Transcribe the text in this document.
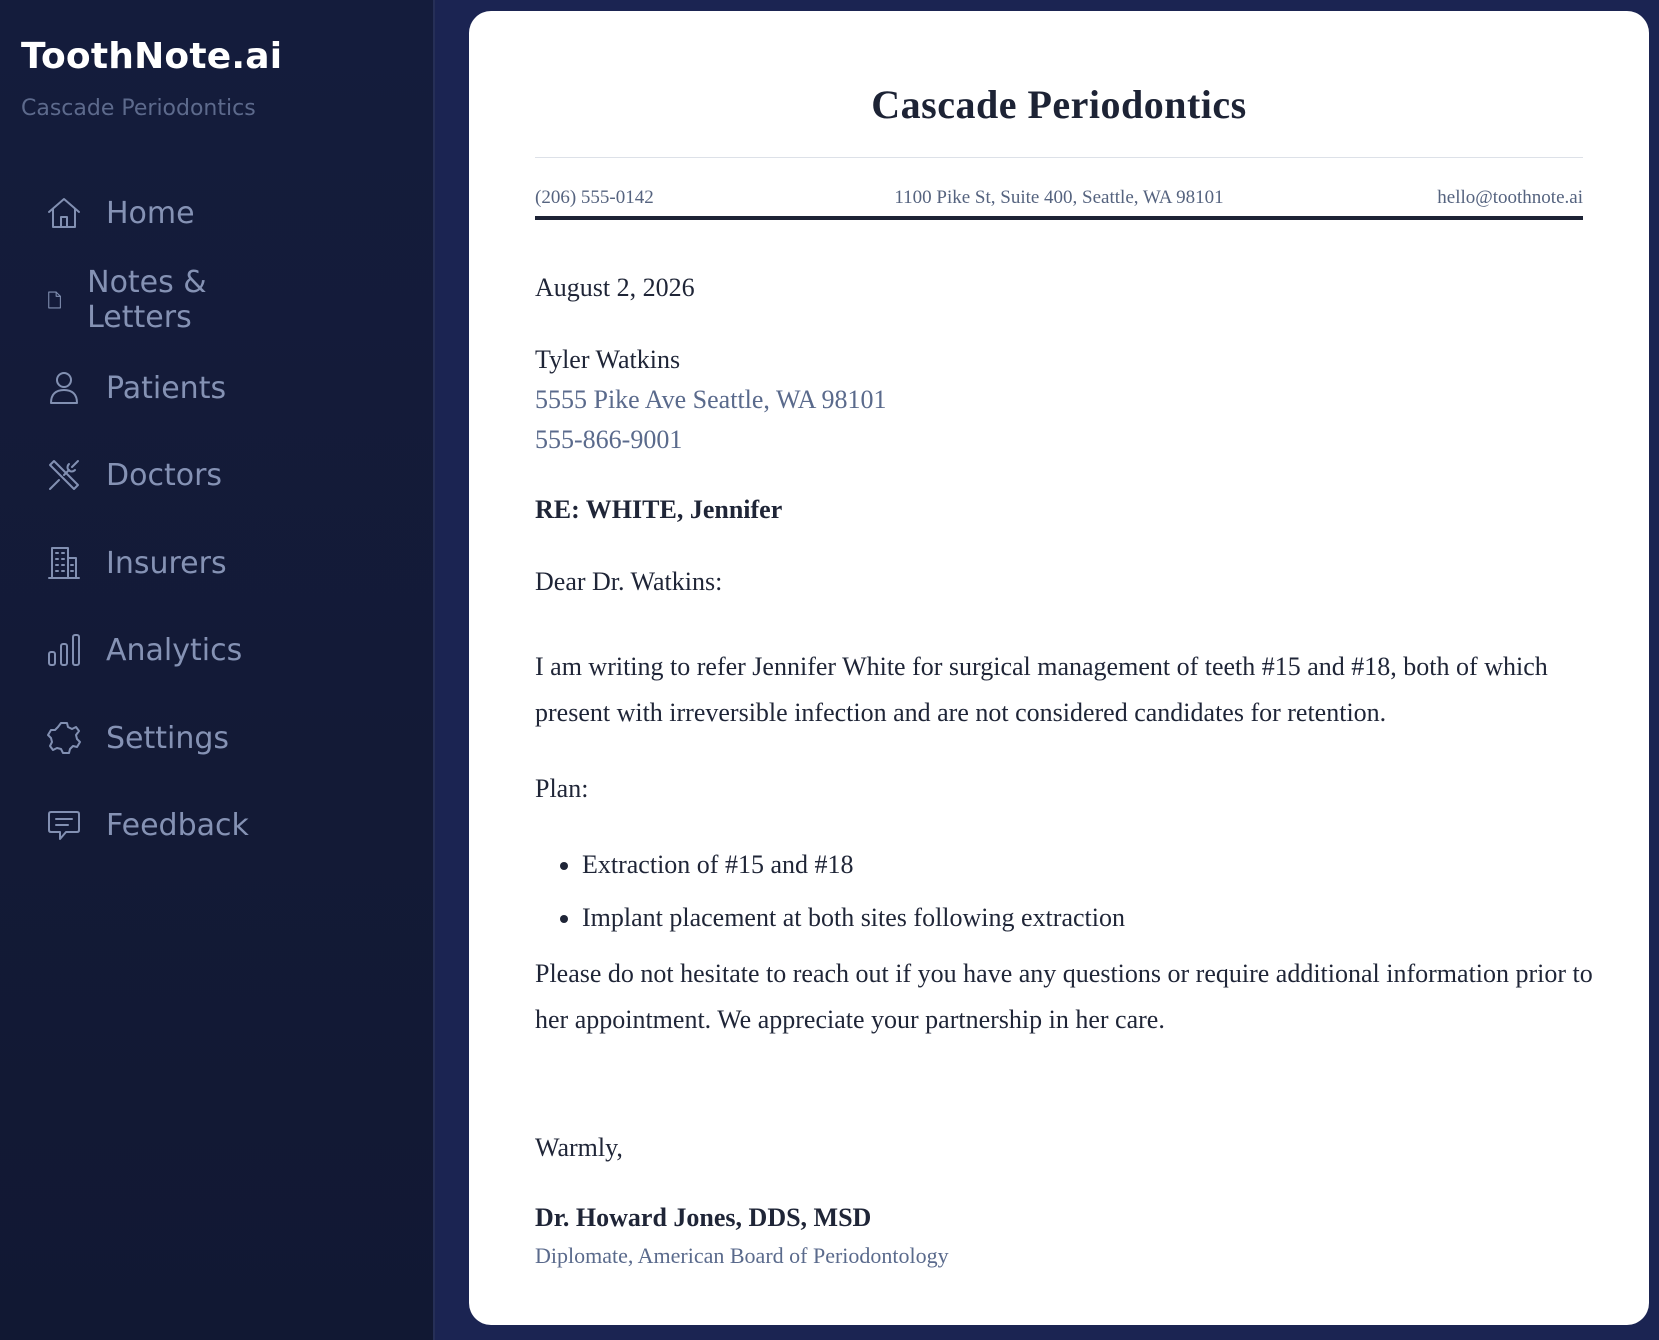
ToothNote.ai
Cascade Periodontics
Home
Notes & Letters
Patients
Doctors
Insurers
Analytics
Settings
Feedback
Cascade Periodontics
(206) 555-0142	1100 Pike St, Suite 400, Seattle, WA 98101	hello@toothnote.ai
August 2, 2026
Tyler Watkins
5555 Pike Ave Seattle, WA 98101
555-866-9001
RE: WHITE, Jennifer
Dear Dr. Watkins:
I am writing to refer Jennifer White for surgical management of teeth #15 and #18, both of which present with irreversible infection and are not considered candidates for retention.
Plan:
• Extraction of #15 and #18
• Implant placement at both sites following extraction
Please do not hesitate to reach out if you have any questions or require additional information prior to her appointment. We appreciate your partnership in her care.
Warmly,
Dr. Howard Jones, DDS, MSD
Diplomate, American Board of Periodontology
